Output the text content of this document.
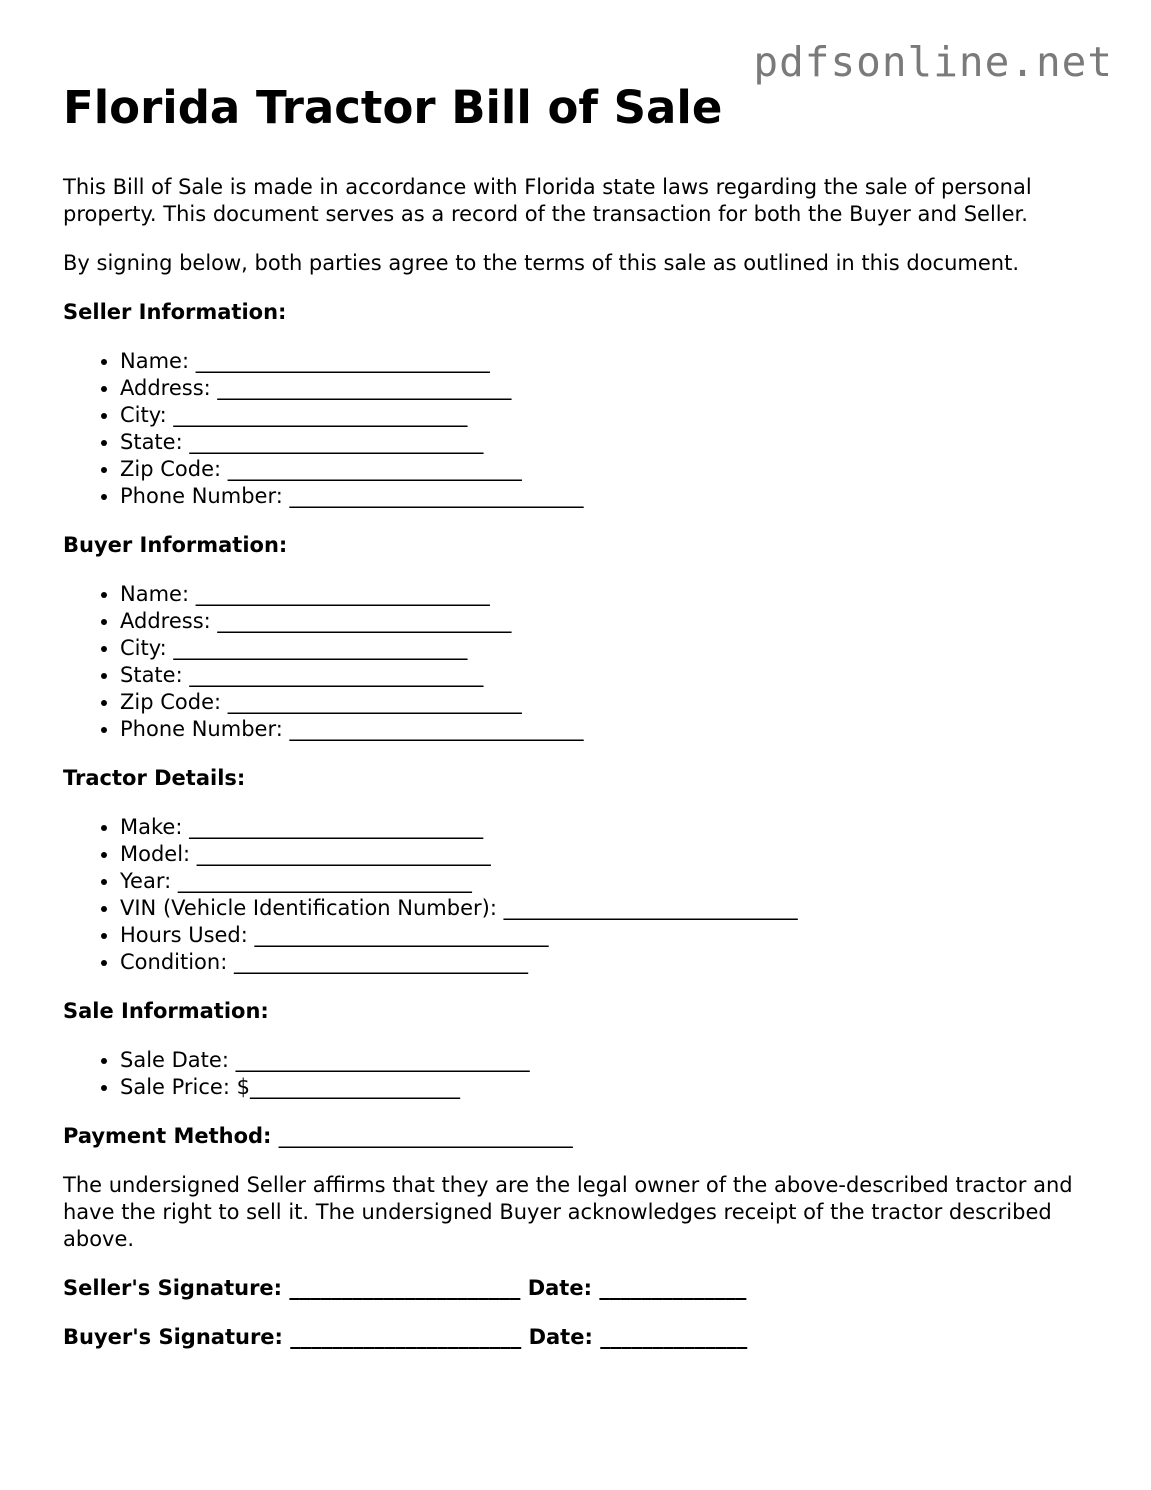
pdfsonline.net
Florida Tractor Bill of Sale

This Bill of Sale is made in accordance with Florida state laws regarding the sale of personal property. This document serves as a record of the transaction for both the Buyer and Seller.

By signing below, both parties agree to the terms of this sale as outlined in this document.

Seller Information:
• Name: ____________________________
• Address: ____________________________
• City: ____________________________
• State: ____________________________
• Zip Code: ____________________________
• Phone Number: ____________________________
Buyer Information:
• Name: ____________________________
• Address: ____________________________
• City: ____________________________
• State: ____________________________
• Zip Code: ____________________________
• Phone Number: ____________________________
Tractor Details:
• Make: ____________________________
• Model: ____________________________
• Year: ____________________________
• VIN (Vehicle Identification Number): ____________________________
• Hours Used: ____________________________
• Condition: ____________________________
Sale Information:
• Sale Date: ____________________________
• Sale Price: $____________________
Payment Method: ____________________________

The undersigned Seller affirms that they are the legal owner of the above-described tractor and have the right to sell it. The undersigned Buyer acknowledges receipt of the tractor described above.

Seller's Signature: ______________________ Date: ______________
Buyer's Signature: ______________________ Date: ______________
